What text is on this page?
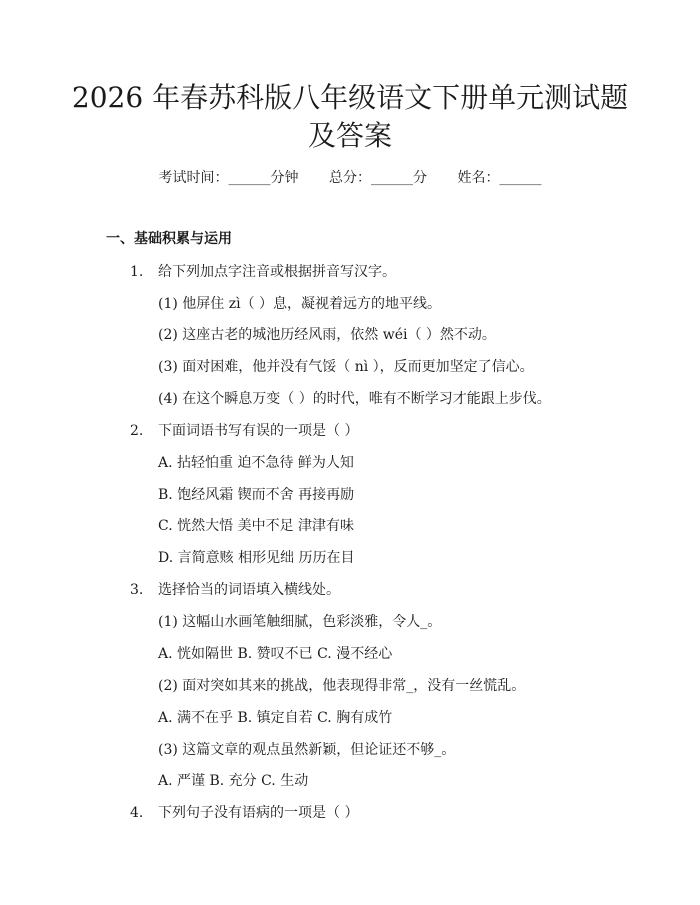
2026 年春苏科版八年级语文下册单元测试题
及答案
考试时间：______分钟 总分：______分 姓名：______
一、基础积累与运用
1. 给下列加点字注音或根据拼音写汉字。
(1) 他屏住 zì（ ）息，凝视着远方的地平线。
(2) 这座古老的城池历经风雨，依然 wéi（ ）然不动。
(3) 面对困难，他并没有气馁（ nì ），反而更加坚定了信心。
(4) 在这个瞬息万变（ ）的时代，唯有不断学习才能跟上步伐。
2. 下面词语书写有误的一项是（ ）
A. 拈轻怕重 迫不急待 鲜为人知
B. 饱经风霜 锲而不舍 再接再励
C. 恍然大悟 美中不足 津津有味
D. 言简意赅 相形见绌 历历在目
3. 选择恰当的词语填入横线处。
(1) 这幅山水画笔触细腻，色彩淡雅，令人_。
A. 恍如隔世 B. 赞叹不已 C. 漫不经心
(2) 面对突如其来的挑战，他表现得非常_，没有一丝慌乱。
A. 满不在乎 B. 镇定自若 C. 胸有成竹
(3) 这篇文章的观点虽然新颖，但论证还不够_。
A. 严谨 B. 充分 C. 生动
4. 下列句子没有语病的一项是（ ）
